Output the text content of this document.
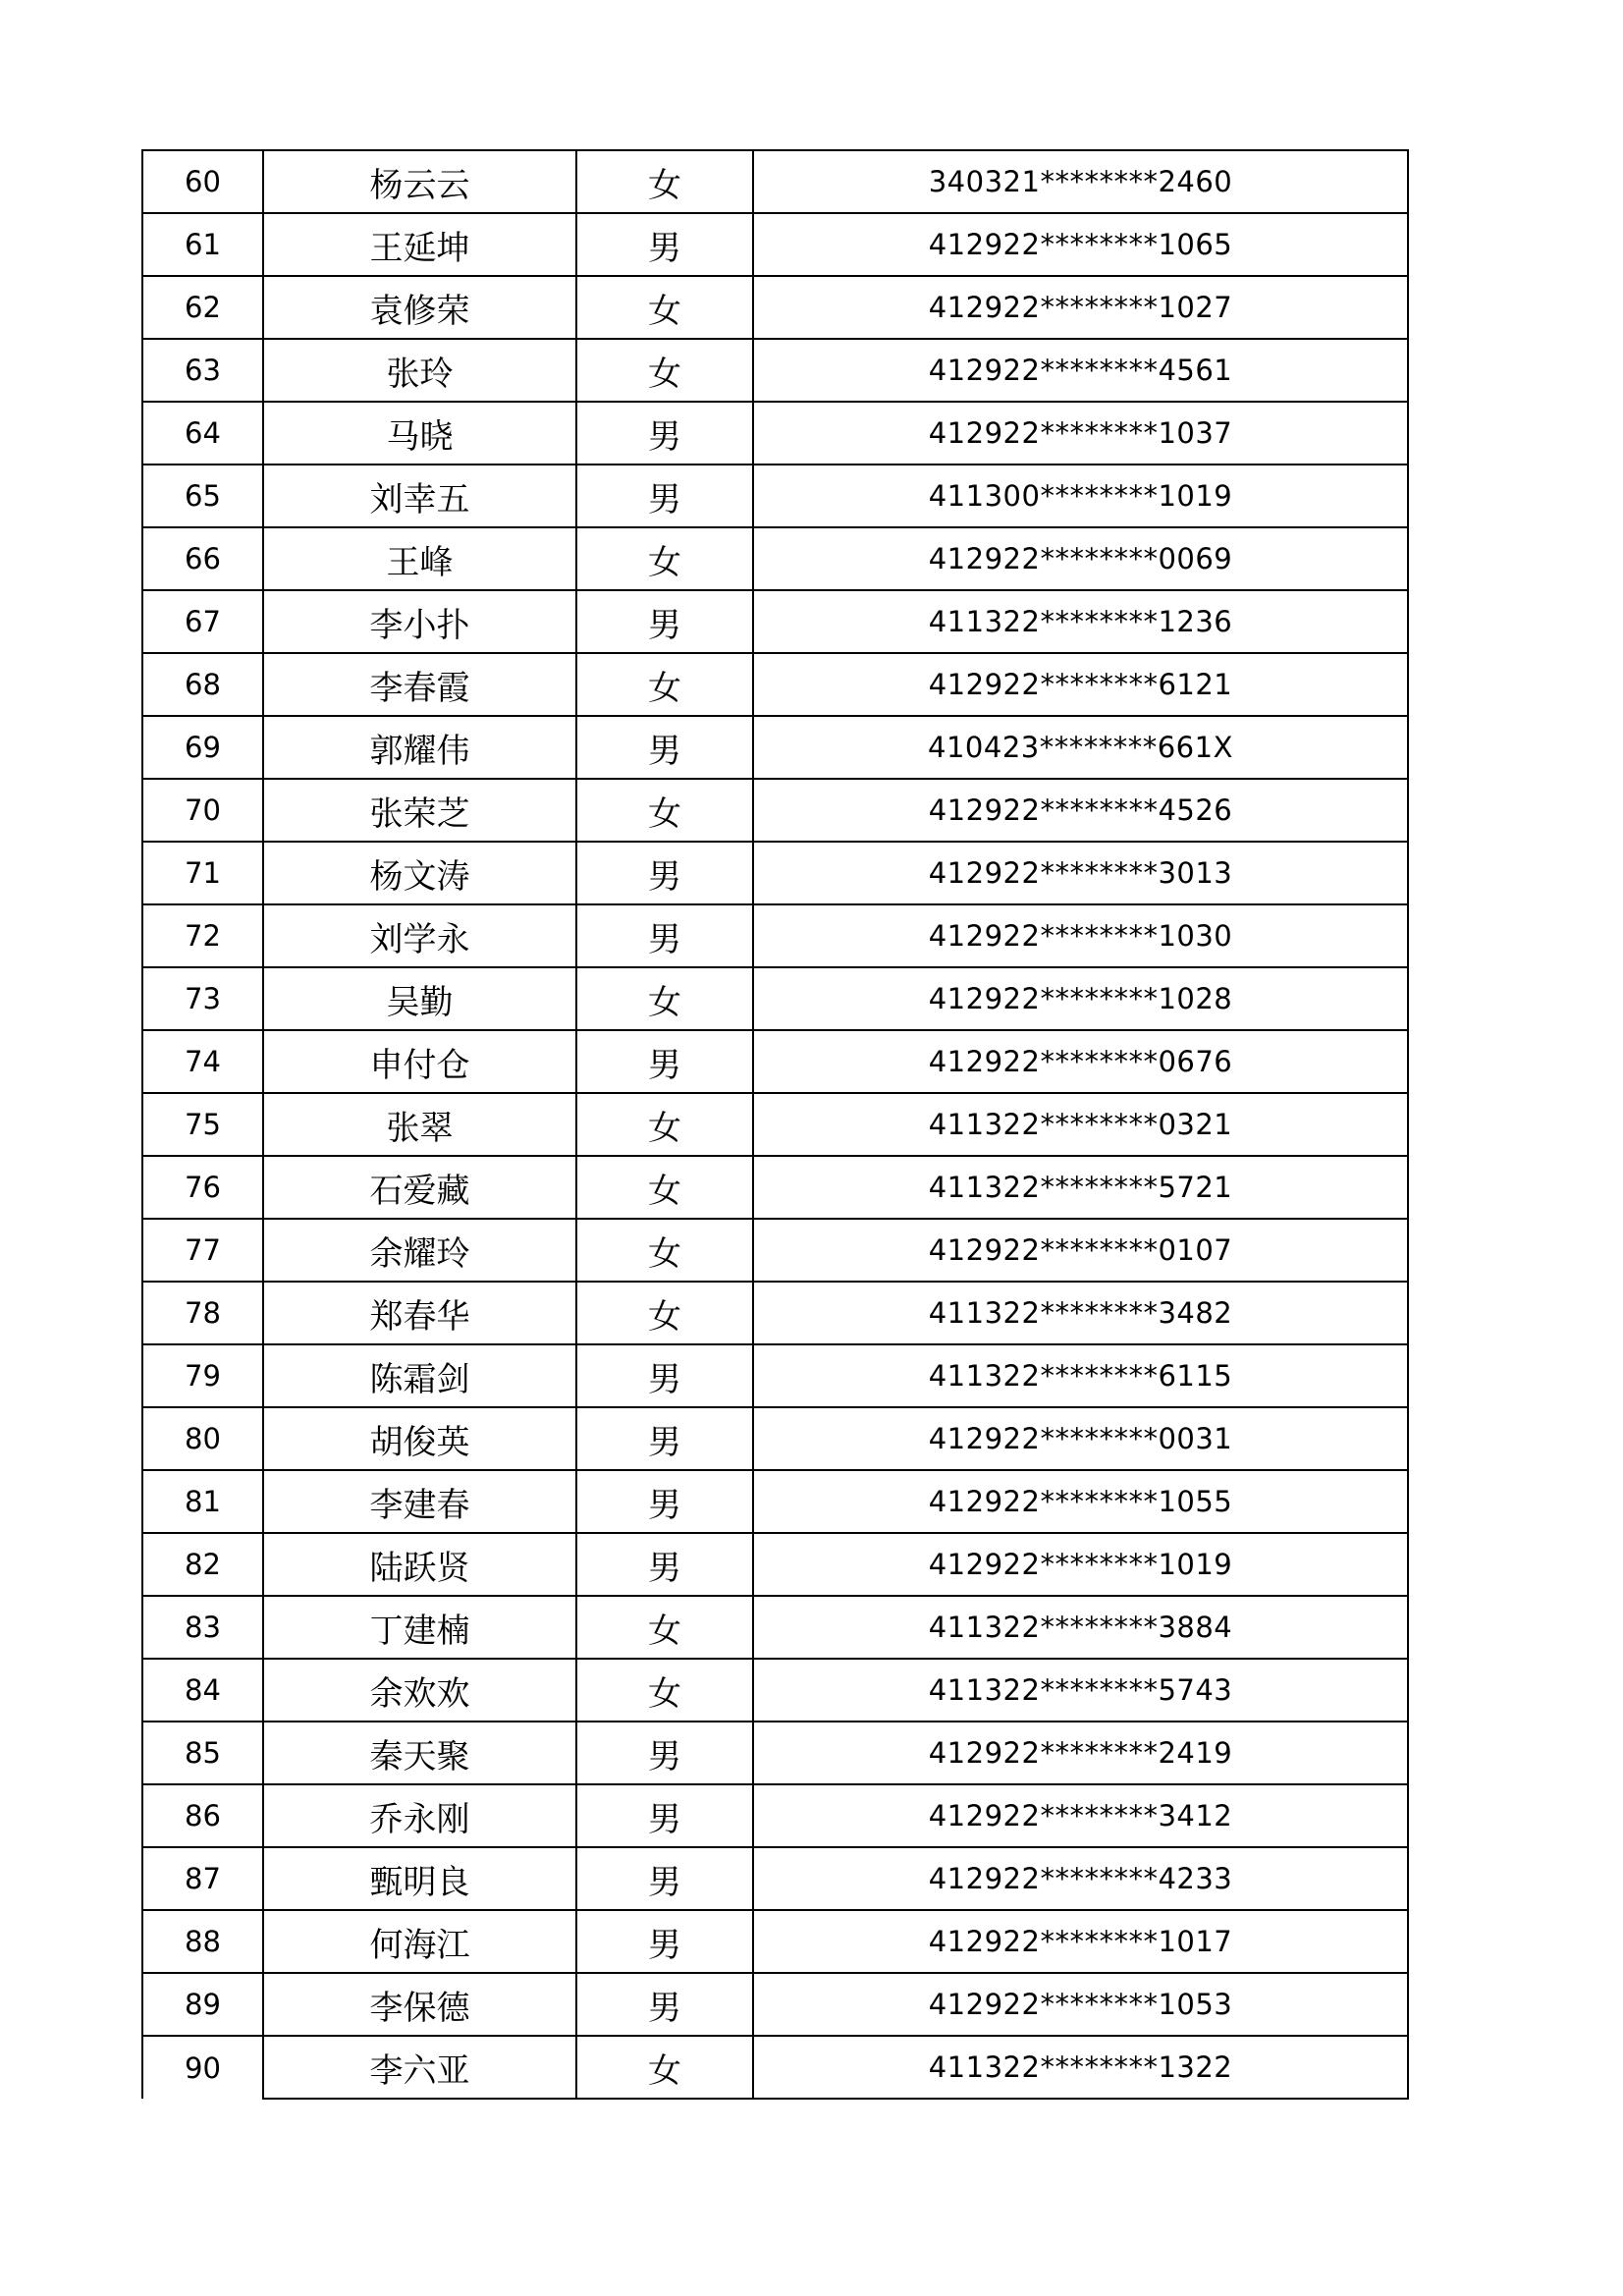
60	杨云云	女	340321********2460
61	王延坤	男	412922********1065
62	袁修荣	女	412922********1027
63	张玲	女	412922********4561
64	马晓	男	412922********1037
65	刘幸五	男	411300********1019
66	王峰	女	412922********0069
67	李小扑	男	411322********1236
68	李春霞	女	412922********6121
69	郭耀伟	男	410423********661X
70	张荣芝	女	412922********4526
71	杨文涛	男	412922********3013
72	刘学永	男	412922********1030
73	吴勤	女	412922********1028
74	申付仓	男	412922********0676
75	张翠	女	411322********0321
76	石爱藏	女	411322********5721
77	余耀玲	女	412922********0107
78	郑春华	女	411322********3482
79	陈霜剑	男	411322********6115
80	胡俊英	男	412922********0031
81	李建春	男	412922********1055
82	陆跃贤	男	412922********1019
83	丁建楠	女	411322********3884
84	余欢欢	女	411322********5743
85	秦天聚	男	412922********2419
86	乔永刚	男	412922********3412
87	甄明良	男	412922********4233
88	何海江	男	412922********1017
89	李保德	男	412922********1053
90	李六亚	女	411322********1322
